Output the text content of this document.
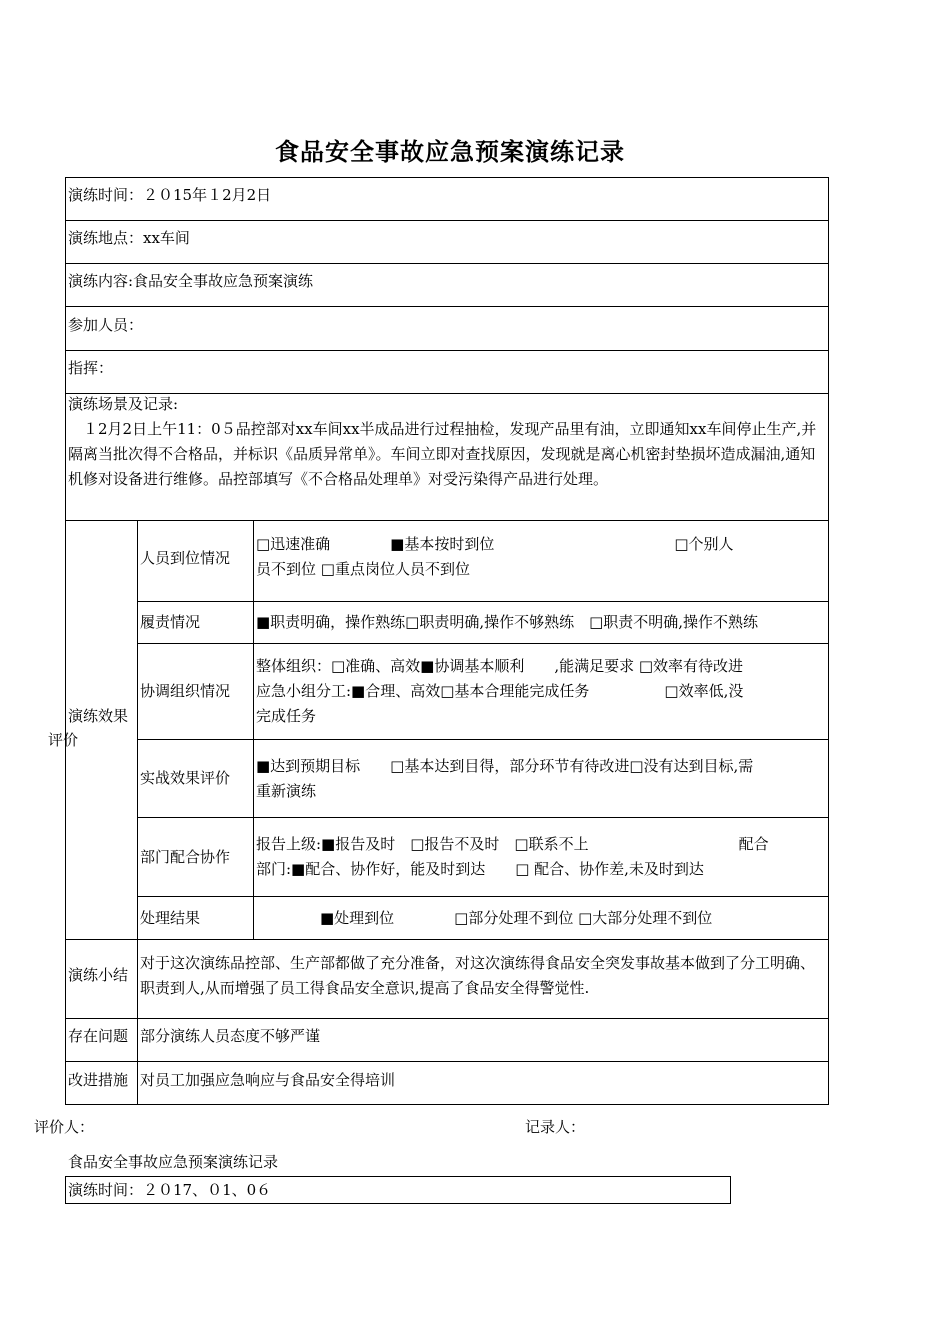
食品安全事故应急预案演练记录
演练时间：２０15年１2月2日
演练地点：xx车间
演练内容:食品安全事故应急预案演练
参加人员：
指挥：
演练场景及记录:
１2月2日上午11：0５品控部对xx车间xx半成品进行过程抽检，发现产品里有油，立即通知xx车间停止生产,并隔离当批次得不合格品，并标识《品质异常单》。车间立即对查找原因，发现就是离心机密封垫损坏造成漏油,通知机修对设备进行维修。品控部填写《不合格品处理单》对受污染得产品进行处理。
演练效果
评价
人员到位情况
履责情况
协调组织情况
实战效果评价
部门配合协作
处理结果
□迅速准确　　　　■基本按时到位　　　　　　　　　　　　□个别人
员不到位 □重点岗位人员不到位
■职责明确，操作熟练□职责明确,操作不够熟练　□职责不明确,操作不熟练
整体组织：□准确、高效■协调基本顺利　　,能满足要求 □效率有待改进
应急小组分工:■合理、高效□基本合理能完成任务　　　　　□效率低,没
完成任务
■达到预期目标　　□基本达到目得，部分环节有待改进□没有达到目标,需
重新演练
报告上级:■报告及时　□报告不及时　□联系不上　　　　　　　　　　配合
部门:■配合、协作好，能及时到达　　□ 配合、协作差,未及时到达
■处理到位　　　　□部分处理不到位 □大部分处理不到位
演练小结
对于这次演练品控部、生产部都做了充分准备，对这次演练得食品安全突发事故基本做到了分工明确、职责到人,从而增强了员工得食品安全意识,提高了食品安全得警觉性.
存在问题 部分演练人员态度不够严谨
改进措施 对员工加强应急响应与食品安全得培训
评价人：	记录人：
食品安全事故应急预案演练记录
演练时间：２０17、０1、0６
